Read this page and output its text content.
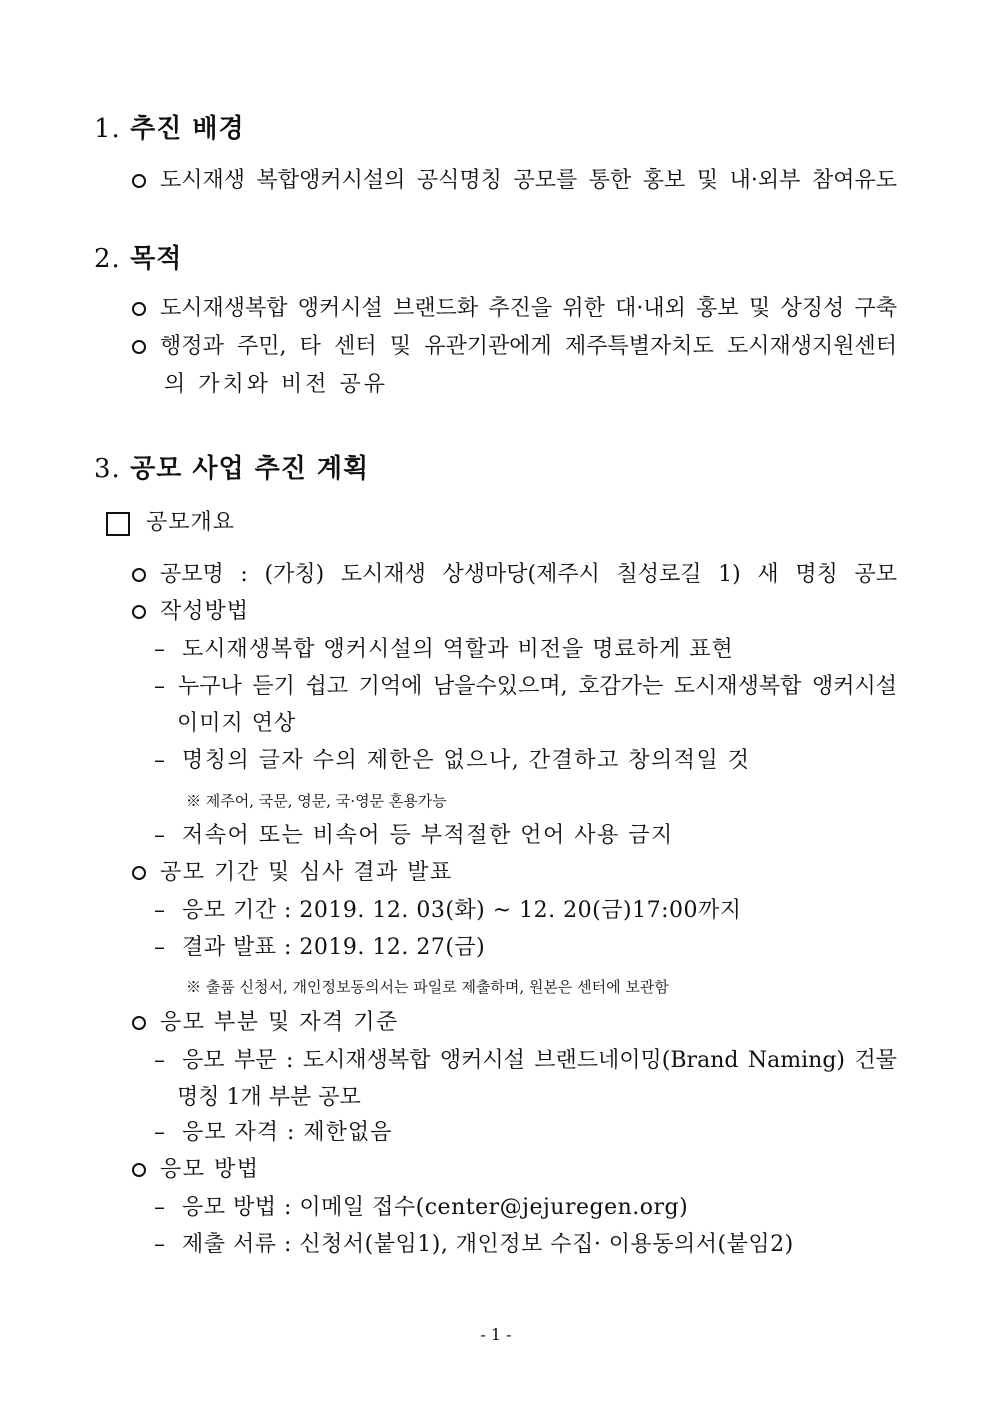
1. 추진 배경
도시재생 복합앵커시설의 공식명칭 공모를 통한 홍보 및 내·외부 참여유도
2. 목적
도시재생복합 앵커시설 브랜드화 추진을 위한 대·내외 홍보 및 상징성 구축
행정과 주민, 타 센터 및 유관기관에게 제주특별자치도 도시재생지원센터
의 가치와 비전 공유
3. 공모 사업 추진 계획
공모개요
공모명 : (가칭) 도시재생 상생마당(제주시 칠성로길 1) 새 명칭 공모
작성방법
– 도시재생복합 앵커시설의 역할과 비전을 명료하게 표현
– 누구나 듣기 쉽고 기억에 남을수있으며, 호감가는 도시재생복합 앵커시설
이미지 연상
– 명칭의 글자 수의 제한은 없으나, 간결하고 창의적일 것
※ 제주어, 국문, 영문, 국·영문 혼용가능
– 저속어 또는 비속어 등 부적절한 언어 사용 금지
공모 기간 및 심사 결과 발표
– 응모 기간 : 2019. 12. 03(화) ~ 12. 20(금)17:00까지
– 결과 발표 : 2019. 12. 27(금)
※ 출품 신청서, 개인정보동의서는 파일로 제출하며, 원본은 센터에 보관함
응모 부분 및 자격 기준
– 응모 부문 : 도시재생복합 앵커시설 브랜드네이밍(Brand Naming) 건물
명칭 1개 부분 공모
– 응모 자격 : 제한없음
응모 방법
– 응모 방법 : 이메일 접수(center@jejuregen.org)
– 제출 서류 : 신청서(붙임1), 개인정보 수집· 이용동의서(붙임2)
- 1 -
